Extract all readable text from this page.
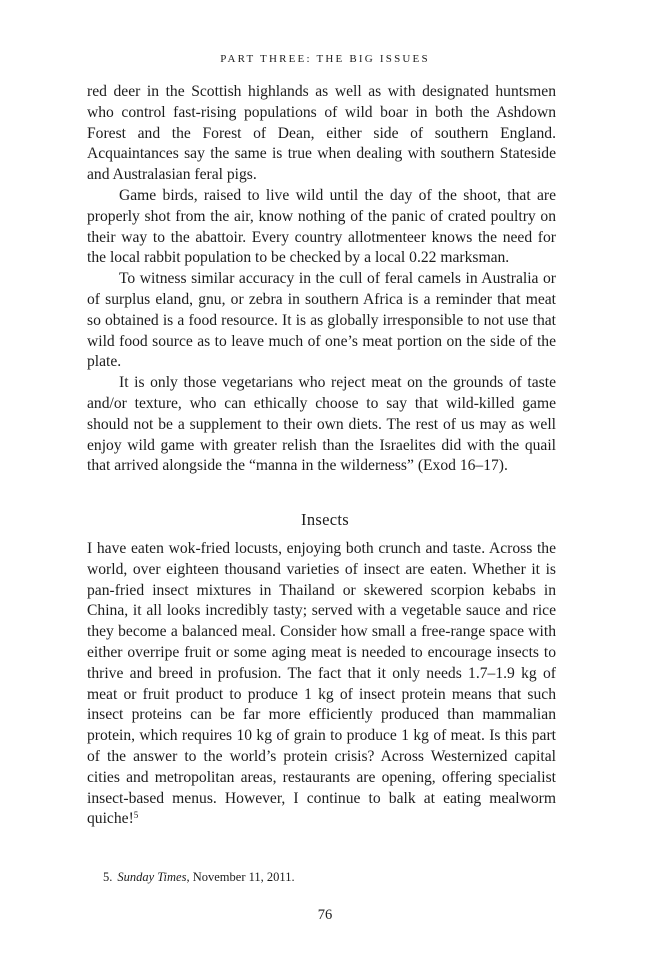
PART THREE: THE BIG ISSUES

red deer in the Scottish highlands as well as with designated huntsmen who control fast-rising populations of wild boar in both the Ashdown Forest and the Forest of Dean, either side of southern England. Acquaintances say the same is true when dealing with southern Stateside and Australasian feral pigs.

Game birds, raised to live wild until the day of the shoot, that are properly shot from the air, know nothing of the panic of crated poultry on their way to the abattoir. Every country allotmenteer knows the need for the local rabbit population to be checked by a local 0.22 marksman.

To witness similar accuracy in the cull of feral camels in Australia or of surplus eland, gnu, or zebra in southern Africa is a reminder that meat so obtained is a food resource. It is as globally irresponsible to not use that wild food source as to leave much of one’s meat portion on the side of the plate.

It is only those vegetarians who reject meat on the grounds of taste and/or texture, who can ethically choose to say that wild-killed game should not be a supplement to their own diets. The rest of us may as well enjoy wild game with greater relish than the Israelites did with the quail that arrived alongside the “manna in the wilderness” (Exod 16–17).

Insects

I have eaten wok-fried locusts, enjoying both crunch and taste. Across the world, over eighteen thousand varieties of insect are eaten. Whether it is pan-fried insect mixtures in Thailand or skewered scorpion kebabs in China, it all looks incredibly tasty; served with a vegetable sauce and rice they become a balanced meal. Consider how small a free-range space with either overripe fruit or some aging meat is needed to encourage insects to thrive and breed in profusion. The fact that it only needs 1.7–1.9 kg of meat or fruit product to produce 1 kg of insect protein means that such insect proteins can be far more efficiently produced than mammalian protein, which requires 10 kg of grain to produce 1 kg of meat. Is this part of the answer to the world’s protein crisis? Across Westernized capital cities and metropolitan areas, restaurants are opening, offering specialist insect-based menus. However, I continue to balk at eating mealworm quiche!$^5$

5. Sunday Times, November 11, 2011.
76
